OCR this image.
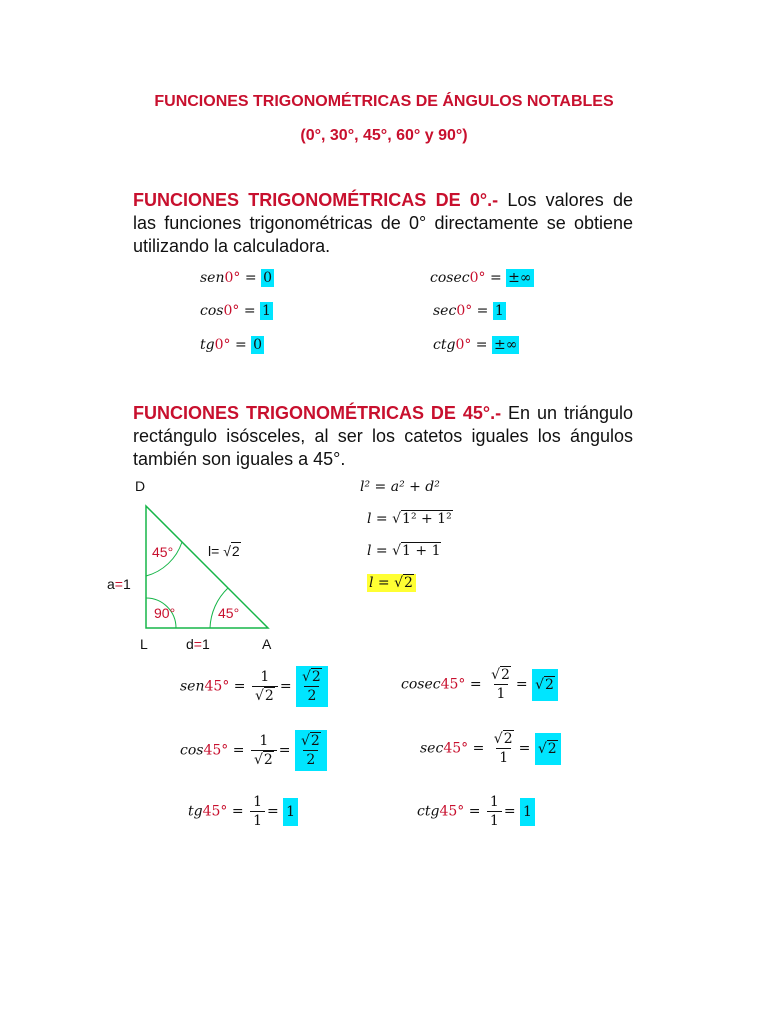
FUNCIONES TRIGONOMÉTRICAS DE ÁNGULOS NOTABLES
(0°, 30°, 45°, 60° y 90°)
FUNCIONES TRIGONOMÉTRICAS DE 0°.- Los valores de las funciones trigonométricas de 0° directamente se obtiene utilizando la calculadora.
sen0° = 0
cos0° = 1
tg0° = 0
cosec0° = ±∞
sec0° = 1
ctg0° = ±∞
FUNCIONES TRIGONOMÉTRICAS DE 45°.- En un triángulo rectángulo isósceles, al ser los catetos iguales los ángulos también son iguales a 45°.
D
L	A
45°
45°
90°
l= √2
a=1
d=1
l² = a² + d²
l = √1² + 1²
l = √1 + 1
l = √2
$sen45^\circ = \frac{1}{√2} = \frac{√2}{2}$
$\cos 45^\circ = \frac{1}{√2} = \frac{√2}{2}$
$tg45^\circ = \frac{1}{1} = 1$
$cosec45^\circ = \frac{√2}{1} = √2$
$\sec 45^\circ = \frac{√2}{1} = √2$
$ctg45^\circ = \frac{1}{1} = 1$
